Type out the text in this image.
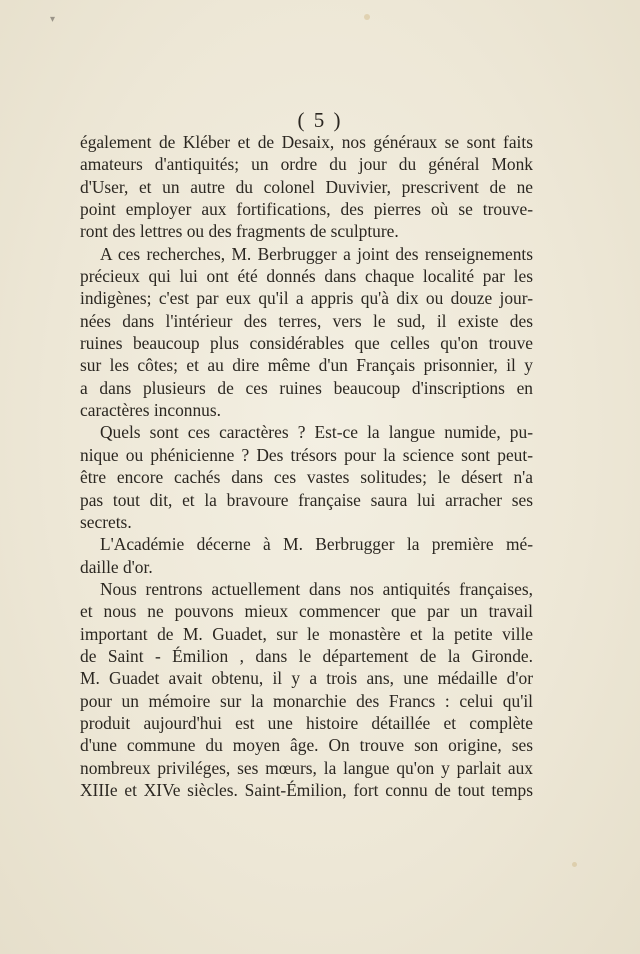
▾
( 5 )
également de Kléber et de Desaix, nos généraux se sont faits
amateurs d'antiquités; un ordre du jour du général Monk
d'User, et un autre du colonel Duvivier, prescrivent de ne
point employer aux fortifications, des pierres où se trouve-
ront des lettres ou des fragments de sculpture.
A ces recherches, M. Berbrugger a joint des renseignements
précieux qui lui ont été donnés dans chaque localité par les
indigènes; c'est par eux qu'il a appris qu'à dix ou douze jour-
nées dans l'intérieur des terres, vers le sud, il existe des
ruines beaucoup plus considérables que celles qu'on trouve
sur les côtes; et au dire même d'un Français prisonnier, il y
a dans plusieurs de ces ruines beaucoup d'inscriptions en
caractères inconnus.
Quels sont ces caractères ? Est-ce la langue numide, pu-
nique ou phénicienne ? Des trésors pour la science sont peut-
être encore cachés dans ces vastes solitudes; le désert n'a
pas tout dit, et la bravoure française saura lui arracher ses
secrets.
L'Académie décerne à M. Berbrugger la première mé-
daille d'or.
Nous rentrons actuellement dans nos antiquités françaises,
et nous ne pouvons mieux commencer que par un travail
important de M. Guadet, sur le monastère et la petite ville
de Saint - Émilion , dans le département de la Gironde.
M. Guadet avait obtenu, il y a trois ans, une médaille d'or
pour un mémoire sur la monarchie des Francs : celui qu'il
produit aujourd'hui est une histoire détaillée et complète
d'une commune du moyen âge. On trouve son origine, ses
nombreux priviléges, ses mœurs, la langue qu'on y parlait aux
XIIIe et XIVe siècles. Saint-Émilion, fort connu de tout temps
